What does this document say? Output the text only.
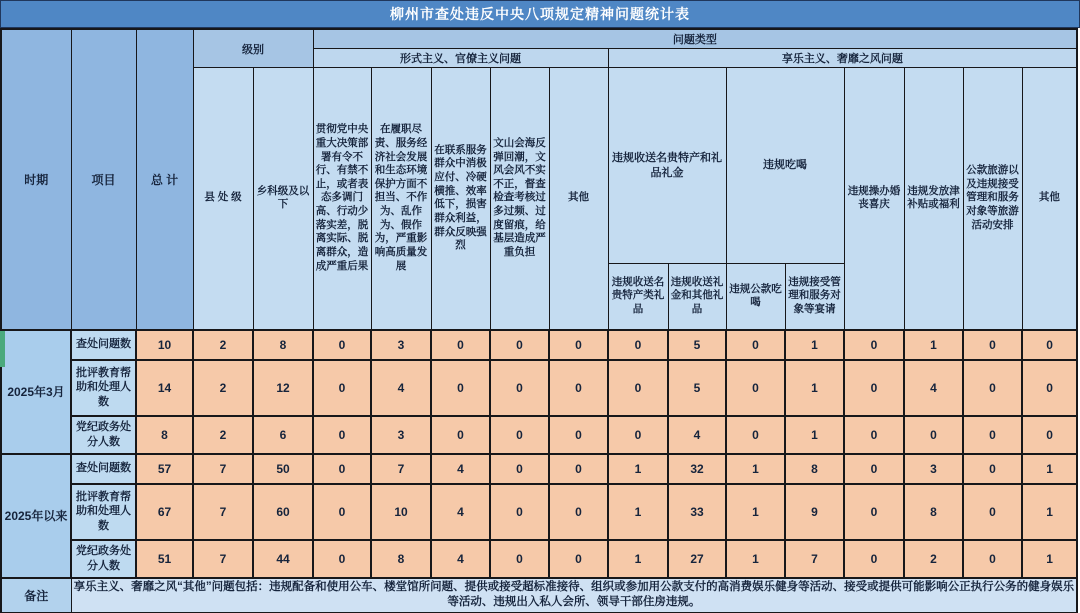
柳州市查处违反中央八项规定精神问题统计表
时期	项目	总 计	级别		问题类型												
					形式主义、官僚主义问题					享乐主义、奢靡之风问题							
			县 处 级	乡科级及以下	贯彻党中央重大决策部署有令不行、有禁不止，或者表态多调门高、行动少落实差，脱离实际、脱离群众，造成严重后果	在履职尽责、服务经济社会发展和生态环境保护方面不担当、不作为、乱作为、假作为，严重影响高质量发展	在联系服务群众中消极应付、冷硬横推、效率低下，损害群众利益，群众反映强烈	文山会海反弹回潮，文风会风不实不正，督查检查考核过多过频、过度留痕，给基层造成严重负担	其他	违规收送名贵特产和礼品礼金		违规吃喝		违规操办婚丧喜庆	违规发放津补贴或福利	公款旅游以及违规接受管理和服务对象等旅游活动安排	其他
										违规收送名贵特产类礼品	违规收送礼金和其他礼品	违规公款吃喝	违规接受管理和服务对象等宴请				
2025年3月	查处问题数	10	2	8	0	3	0	0	0	0	5	0	1	0	1	0	0
	批评教育帮助和处理人数	14	2	12	0	4	0	0	0	0	5	0	1	0	4	0	0
	党纪政务处分人数	8	2	6	0	3	0	0	0	0	4	0	1	0	0	0	0
2025年以来	查处问题数	57	7	50	0	7	4	0	0	1	32	1	8	0	3	0	1
	批评教育帮助和处理人数	67	7	60	0	10	4	0	0	1	33	1	9	0	8	0	1
	党纪政务处分人数	51	7	44	0	8	4	0	0	1	27	1	7	0	2	0	1
备注	享乐主义、奢靡之风“其他”问题包括：违规配备和使用公车、楼堂馆所问题、提供或接受超标准接待、组织或参加用公款支付的高消费娱乐健身等活动、接受或提供可能影响公正执行公务的健身娱乐等活动、违规出入私人会所、领导干部住房违规。																
